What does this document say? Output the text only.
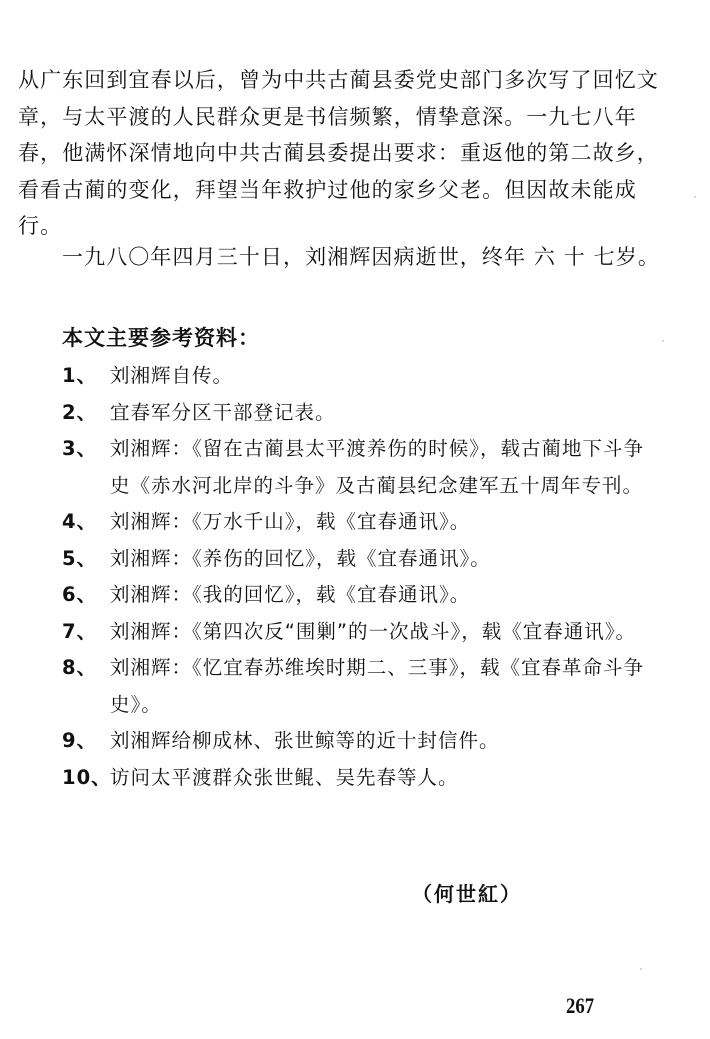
从广东回到宜春以后，曾为中共古蔺县委党史部门多次写了回忆文章，与太平渡的人民群众更是书信频繁，情挚意深。一九七八年春，他满怀深情地向中共古蔺县委提出要求：重返他的第二故乡，看看古蔺的变化，拜望当年救护过他的家乡父老。但因故未能成行。

一九八〇年四月三十日，刘湘辉因病逝世，终年 六 十 七岁。

本文主要参考资料：

1、 刘湘辉自传。
2、 宜春军分区干部登记表。
3、 刘湘辉：《留在古蔺县太平渡养伤的时候》，载古蔺地下斗争史《赤水河北岸的斗争》及古蔺县纪念建军五十周年专刊。
4、 刘湘辉：《万水千山》，载《宜春通讯》。
5、 刘湘辉：《养伤的回忆》，载《宜春通讯》。
6、 刘湘辉：《我的回忆》，载《宜春通讯》。
7、 刘湘辉：《第四次反“围剿”的一次战斗》，载《宜春通讯》。
8、 刘湘辉：《忆宜春苏维埃时期二、三事》，载《宜春革命斗争史》。
9、 刘湘辉给柳成林、张世鲸等的近十封信件。
10、
访问太平渡群众张世鲲、吴先春等人。

（何世紅）

267
